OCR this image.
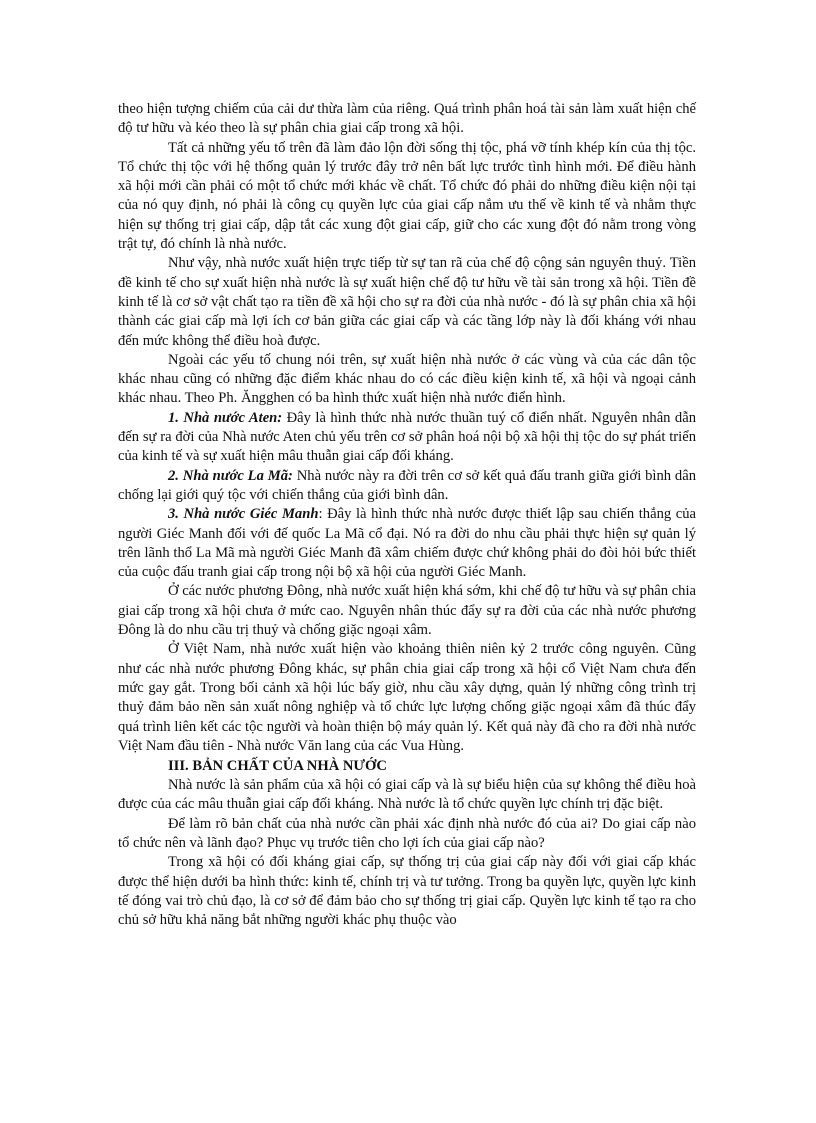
theo hiện tượng chiếm của cải dư thừa làm của riêng. Quá trình phân hoá tài sản làm xuất hiện chế độ tư hữu và kéo theo là sự phân chia giai cấp trong xã hội.

Tất cả những yếu tố trên đã làm đảo lộn đời sống thị tộc, phá vỡ tính khép kín của thị tộc. Tổ chức thị tộc với hệ thống quản lý trước đây trở nên bất lực trước tình hình mới. Để điều hành xã hội mới cần phải có một tổ chức mới khác về chất. Tổ chức đó phải do những điều kiện nội tại của nó quy định, nó phải là công cụ quyền lực của giai cấp nắm ưu thế về kinh tế và nhằm thực hiện sự thống trị giai cấp, dập tắt các xung đột giai cấp, giữ cho các xung đột đó nằm trong vòng trật tự, đó chính là nhà nước.

Như vậy, nhà nước xuất hiện trực tiếp từ sự tan rã của chế độ cộng sản nguyên thuỷ. Tiền đề kinh tế cho sự xuất hiện nhà nước là sự xuất hiện chế độ tư hữu về tài sản trong xã hội. Tiền đề kinh tế là cơ sở vật chất tạo ra tiền đề xã hội cho sự ra đời của nhà nước - đó là sự phân chia xã hội thành các giai cấp mà lợi ích cơ bản giữa các giai cấp và các tầng lớp này là đối kháng với nhau đến mức không thể điều hoà được.

Ngoài các yếu tố chung nói trên, sự xuất hiện nhà nước ở các vùng và của các dân tộc khác nhau cũng có những đặc điểm khác nhau do có các điều kiện kinh tế, xã hội và ngoại cảnh khác nhau. Theo Ph. Ăngghen có ba hình thức xuất hiện nhà nước điển hình.

1. Nhà nước Aten: Đây là hình thức nhà nước thuần tuý cổ điển nhất. Nguyên nhân dẫn đến sự ra đời của Nhà nước Aten chủ yếu trên cơ sở phân hoá nội bộ xã hội thị tộc do sự phát triển của kinh tế và sự xuất hiện mâu thuẫn giai cấp đối kháng.

2. Nhà nước La Mã: Nhà nước này ra đời trên cơ sở kết quả đấu tranh giữa giới bình dân chống lại giới quý tộc với chiến thắng của giới bình dân.

3. Nhà nước Giéc Manh: Đây là hình thức nhà nước được thiết lập sau chiến thắng của người Giéc Manh đối với đế quốc La Mã cổ đại. Nó ra đời do nhu cầu phải thực hiện sự quản lý trên lãnh thổ La Mã mà người Giéc Manh đã xâm chiếm được chứ không phải do đòi hỏi bức thiết của cuộc đấu tranh giai cấp trong nội bộ xã hội của người Giéc Manh.

Ở các nước phương Đông, nhà nước xuất hiện khá sớm, khi chế độ tư hữu và sự phân chia giai cấp trong xã hội chưa ở mức cao. Nguyên nhân thúc đẩy sự ra đời của các nhà nước phương Đông là do nhu cầu trị thuỷ và chống giặc ngoại xâm.

Ở Việt Nam, nhà nước xuất hiện vào khoảng thiên niên kỷ 2 trước công nguyên. Cũng như các nhà nước phương Đông khác, sự phân chia giai cấp trong xã hội cổ Việt Nam chưa đến mức gay gắt. Trong bối cảnh xã hội lúc bấy giờ, nhu cầu xây dựng, quản lý những công trình trị thuỷ đảm bảo nền sản xuất nông nghiệp và tổ chức lực lượng chống giặc ngoại xâm đã thúc đẩy quá trình liên kết các tộc người và hoàn thiện bộ máy quản lý. Kết quả này đã cho ra đời nhà nước Việt Nam đầu tiên - Nhà nước Văn lang của các Vua Hùng.

III. BẢN CHẤT CỦA NHÀ NƯỚC

Nhà nước là sản phẩm của xã hội có giai cấp và là sự biểu hiện của sự không thể điều hoà được của các mâu thuẫn giai cấp đối kháng. Nhà nước là tổ chức quyền lực chính trị đặc biệt.

Để làm rõ bản chất của nhà nước cần phải xác định nhà nước đó của ai? Do giai cấp nào tổ chức nên và lãnh đạo? Phục vụ trước tiên cho lợi ích của giai cấp nào?

Trong xã hội có đối kháng giai cấp, sự thống trị của giai cấp này đối với giai cấp khác được thể hiện dưới ba hình thức: kinh tế, chính trị và tư tưởng. Trong ba quyền lực, quyền lực kinh tế đóng vai trò chủ đạo, là cơ sở để đảm bảo cho sự thống trị giai cấp. Quyền lực kinh tế tạo ra cho chủ sở hữu khả năng bắt những người khác phụ thuộc vào
